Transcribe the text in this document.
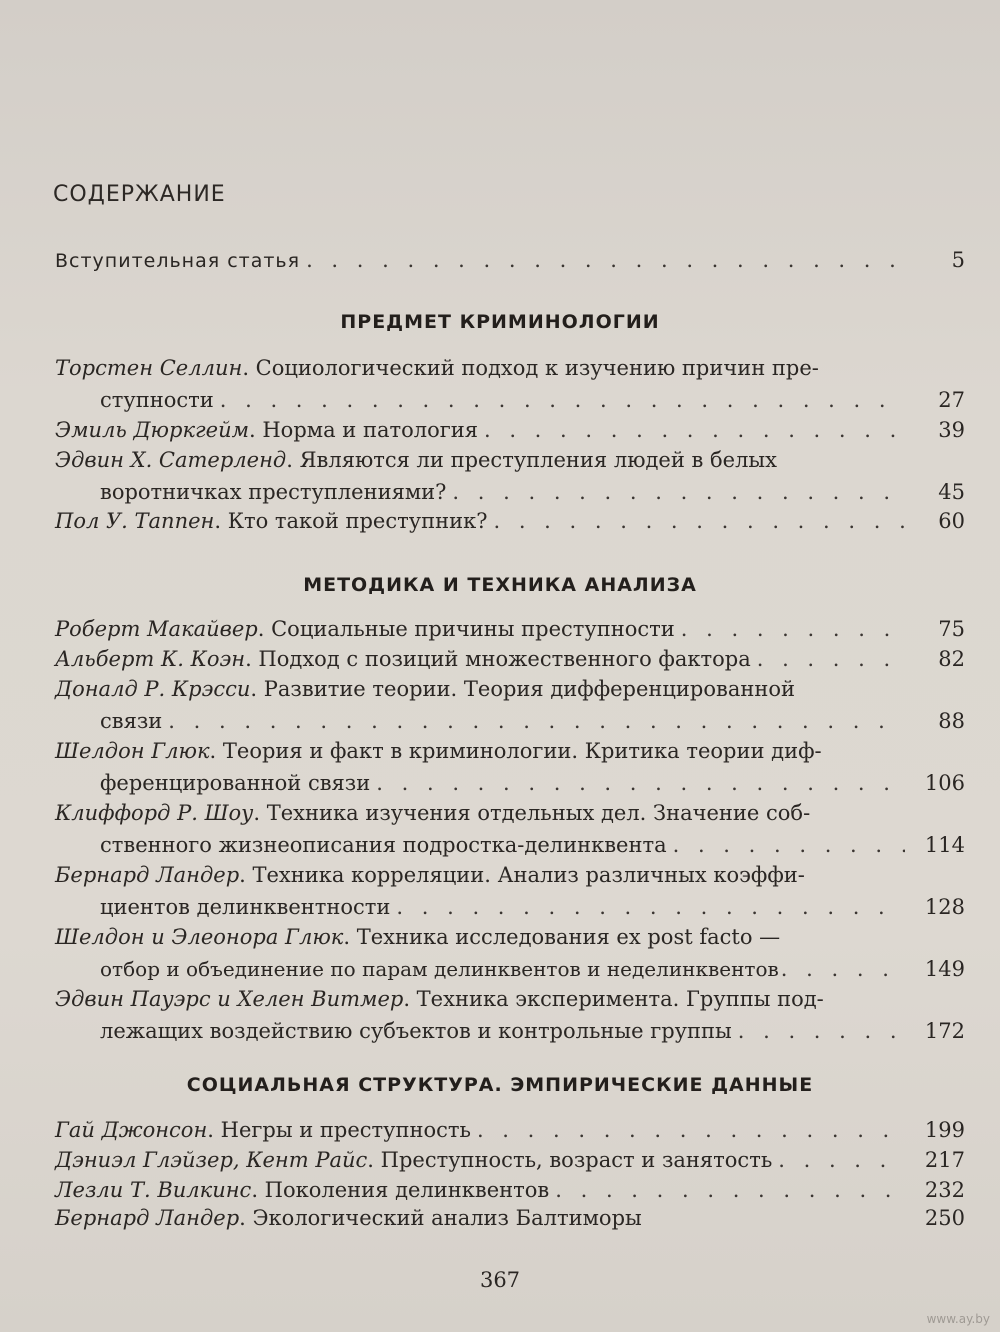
СОДЕРЖАНИЕ
Вступительная статья . . .	5
ПРЕДМЕТ КРИМИНОЛОГИИ
Торстен Селлин . Социологический подход к изучению причин пре-
ступности . . .	27
Эмиль Дюркгейм . Норма и патология . . .	39
Эдвин Х. Сатерленд . Являются ли преступления людей в белых
воротничках преступлениями? . . .	45
Пол У. Таппен . Кто такой преступник? . . .	60
МЕТОДИКА И ТЕХНИКА АНАЛИЗА
Роберт Макайвер . Социальные причины преступности . . .	75
Альберт К. Коэн . Подход с позиций множественного фактора . . .	82
Доналд Р. Крэсси . Развитие теории. Теория дифференцированной
связи . . .	88
Шелдон Глюк . Теория и факт в криминологии. Критика теории диф-
ференцированной связи . . .	106
Клиффорд Р. Шоу . Техника изучения отдельных дел. Значение соб-
ственного жизнеописания подростка-делинквента . . .	114
Бернард Ландер . Техника корреляции. Анализ различных коэффи-
циентов делинквентности . . .	128
Шелдон и Элеонора Глюк . Техника исследования ex post facto —
отбор и объединение по парам делинквентов и неделинквентов . . .	149
Эдвин Пауэрс и Хелен Витмер . Техника эксперимента. Группы под-
лежащих воздействию субъектов и контрольные группы . . .	172
СОЦИАЛЬНАЯ СТРУКТУРА. ЭМПИРИЧЕСКИЕ ДАННЫЕ
Гай Джонсон . Негры и преступность . . .	199
Дэниэл Глэйзер, Кент Райс . Преступность, возраст и занятость . . .	217
Лезли Т. Вилкинс . Поколения делинквентов . . .	232
Бернард Ландер . Экологический анализ Балтиморы	250
367
www.ay.by
